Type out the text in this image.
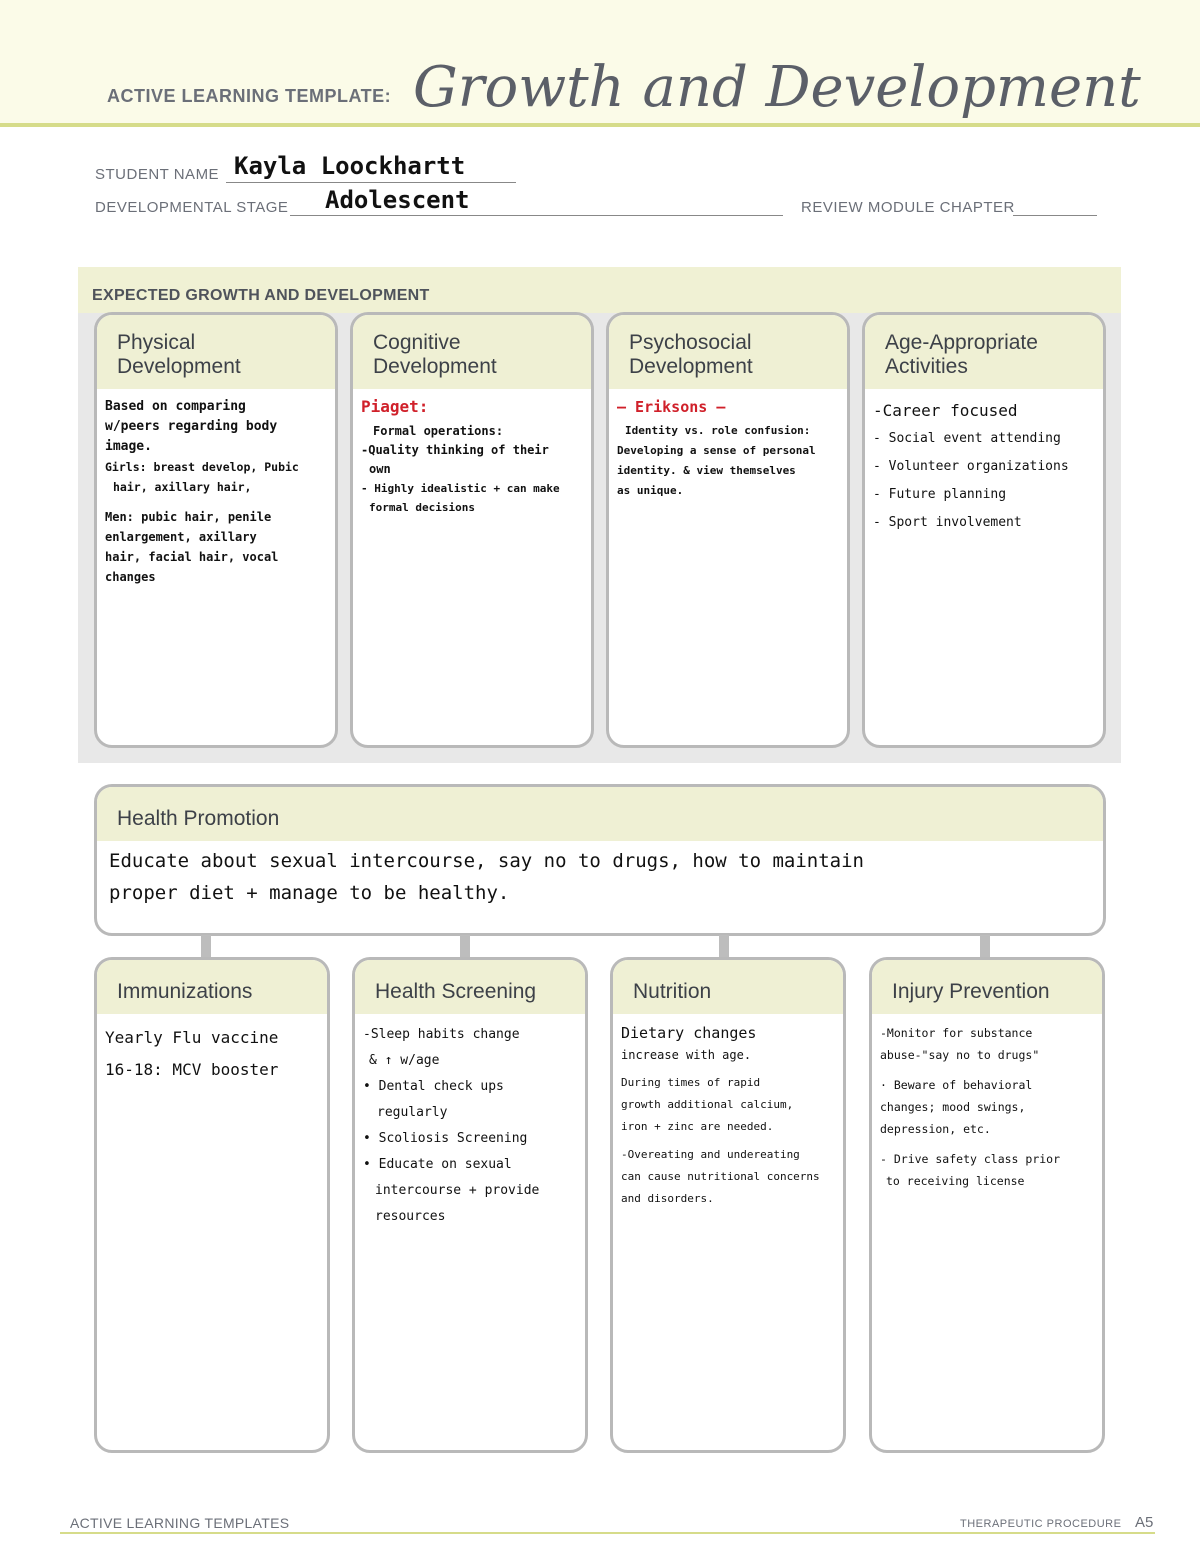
ACTIVE LEARNING TEMPLATE: Growth and Development
STUDENT NAME Kayla Loockhartt
DEVELOPMENTAL STAGE Adolescent	REVIEW MODULE CHAPTER
EXPECTED GROWTH AND DEVELOPMENT
Physical
Development
Based on comparing
w/peers regarding body
image.
Girls: breast develop, Pubic
hair, axillary hair,
Men: pubic hair, penile
enlargement, axillary
hair, facial hair, vocal
changes
Cognitive
Development
Piaget:
Formal operations:
-Quality thinking of their
own
- Highly idealistic + can make
formal decisions
Psychosocial
Development
– Eriksons –
Identity vs. role confusion:
Developing a sense of personal
identity. & view themselves
as unique.
Age-Appropriate
Activities
-Career focused
- Social event attending
- Volunteer organizations
- Future planning
- Sport involvement
Health Promotion
Educate about sexual intercourse, say no to drugs, how to maintain
proper diet + manage to be healthy.
Immunizations
Yearly Flu vaccine
16-18: MCV booster
Health Screening
-Sleep habits change
& ↑ w/age
• Dental check ups
regularly
• Scoliosis Screening
• Educate on sexual
intercourse + provide
resources
Nutrition
Dietary changes
increase with age.
During times of rapid
growth additional calcium,
iron + zinc are needed.
-Overeating and undereating
can cause nutritional concerns
and disorders.
Injury Prevention
-Monitor for substance
abuse-"say no to drugs"
· Beware of behavioral
changes; mood swings,
depression, etc.
- Drive safety class prior
to receiving license
ACTIVE LEARNING TEMPLATES	THERAPEUTIC PROCEDURE A5
